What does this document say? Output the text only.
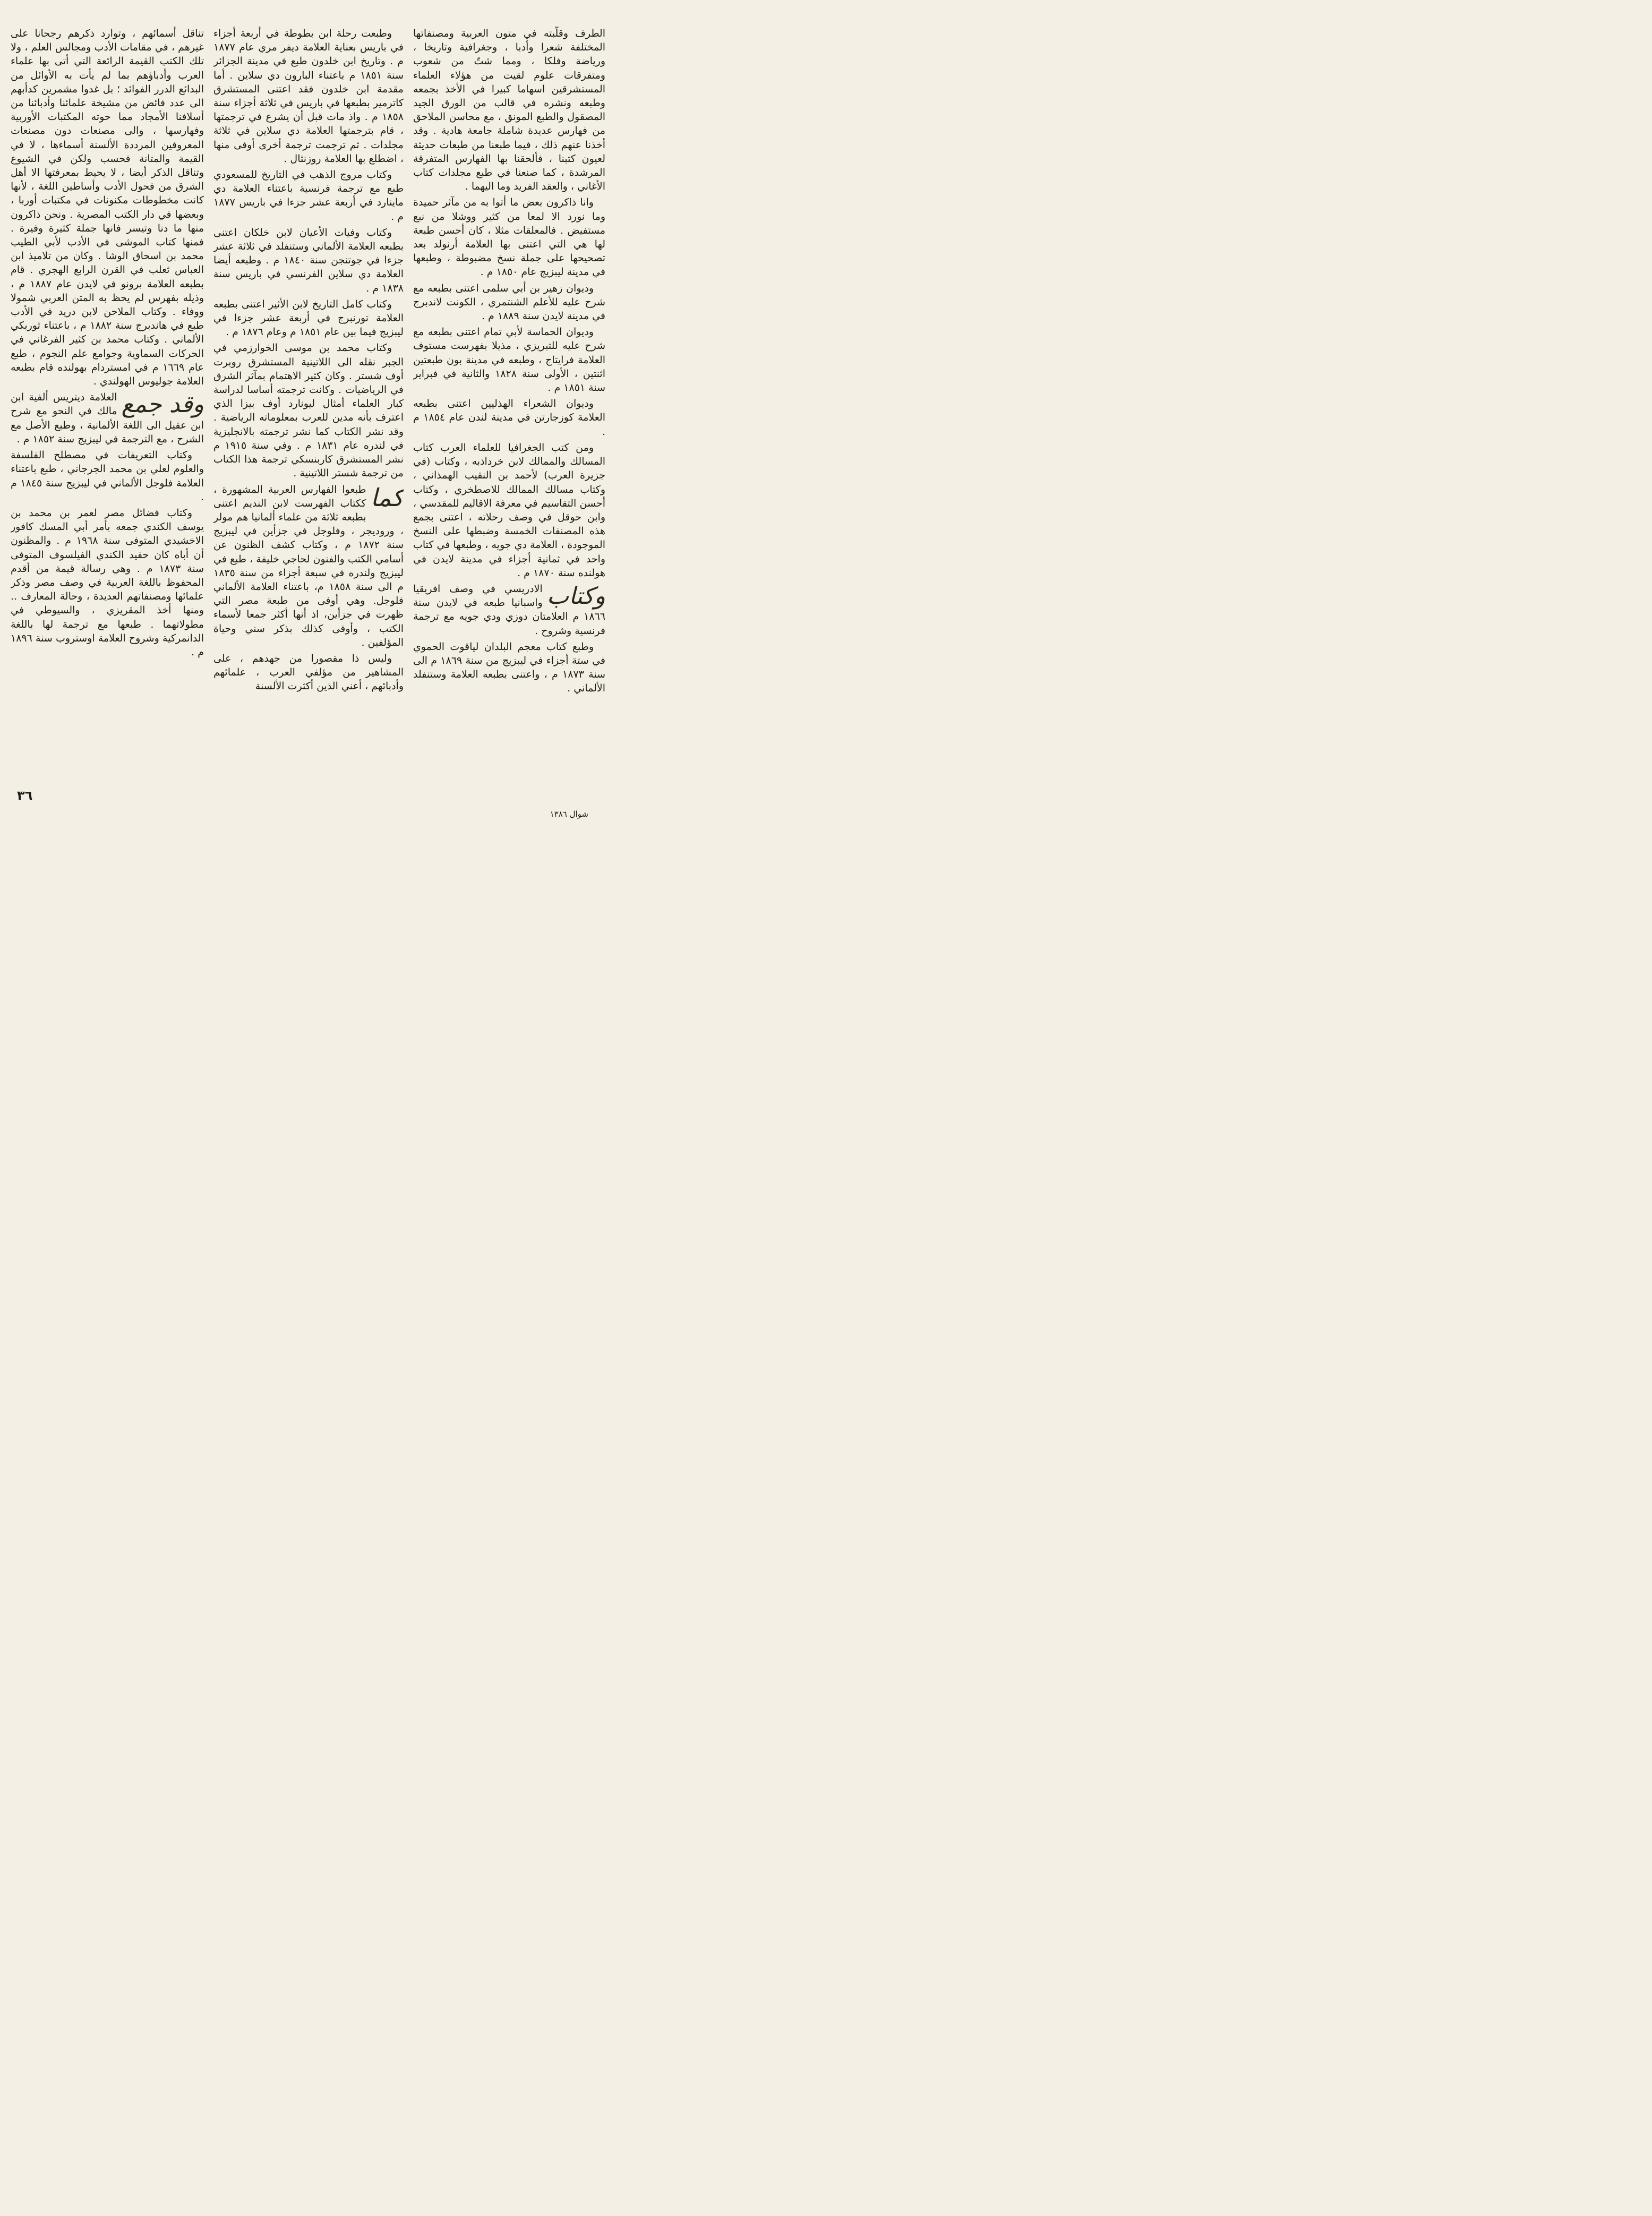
الطرف وقلّبته في متون العربية ومصنفاتها المختلفة شعرا وأدبا ، وجغرافية وتاريخا ، ورياضة وفلكا ، ومما شتّ من شعوب ومتفرقات علوم لقيت من هؤلاء العلماء المستشرقين اسهاما كبيرا في الأخذ بجمعه وطبعه ونشره في قالب من الورق الجيد المصقول والطبع المونق ، مع محاسن الملاحق من فهارس عديدة شاملة جامعة هادية . وقد أخذنا عنهم ذلك ، فيما طبعنا من طبعات حديثة لعيون كتبنا ، فألحقنا بها الفهارس المتفرقة المرشدة ، كما صنعنا في طبع مجلدات كتاب الأغاني ، والعقد الفريد وما اليهما .

وانا ذاكرون بعض ما أتوا به من مآثر حميدة وما نورد الا لمعا من كثير ووشلا من نبع مستفيض . فالمعلقات مثلا ، كان أحسن طبعة لها هي التي اعتنى بها العلامة أرنولد بعد تصحيحها على جملة نسخ مضبوطة ، وطبعها في مدينة ليبزيج عام ١٨٥٠ م .

وديوان زهير بن أبي سلمى اعتنى بطبعه مع شرح عليه للأعلم الشنتمري ، الكونت لاندبرج في مدينة لايدن سنة ١٨٨٩ م .

وديوان الحماسة لأبي تمام اعتنى بطبعه مع شرح عليه للتبريزي ، مذيلا بفهرست مستوف العلامة فرايتاج ، وطبعه في مدينة بون طبعتين اثنتين ، الأولى سنة ١٨٢٨ والثانية في فبراير سنة ١٨٥١ م .

وديوان الشعراء الهذليين اعتنى بطبعه العلامة كوزجارتن في مدينة لندن عام ١٨٥٤ م .

ومن كتب الجغرافيا للعلماء العرب كتاب المسالك والممالك لابن خرداذبه ، وكتاب (في جزيرة العرب) لأحمد بن النقيب الهمذاني ، وكتاب مسالك الممالك للاصطخري ، وكتاب أحسن التقاسيم في معرفة الاقاليم للمقدسي ، وابن حوقل في وصف رحلاته ، اعتنى بجمع هذه المصنفات الخمسة وضبطها على النسخ الموجودة ، العلامة دي جويه ، وطبعها في كتاب واحد في ثمانية أجزاء في مدينة لايدن في هولنده سنة ١٨٧٠ م .

وكتاب
الادريسي في وصف افريقيا واسبانيا طبعه في لايدن سنة ١٨٦٦ م العلامتان دوزي ودي جويه مع ترجمة فرنسية وشروح .

وطبع كتاب معجم البلدان لياقوت الحموي في ستة أجزاء في ليبزيج من سنة ١٨٦٩ م الى سنة ١٨٧٣ م ، واعتنى بطبعه العلامة وستنفلد الألماني .

وطبعت رحلة ابن بطوطة في أربعة أجزاء في باريس بعناية العلامة ديفر مري عام ١٨٧٧ م . وتاريخ ابن خلدون طبع في مدينة الجزائر سنة ١٨٥١ م باعتناء البارون دي سلاين . أما مقدمة ابن خلدون فقد اعتنى المستشرق كاترمير بطبعها في باريس في ثلاثة أجزاء سنة ١٨٥٨ م . واذ مات قبل أن يشرع في ترجمتها ، قام بترجمتها العلامة دي سلاين في ثلاثة مجلدات . ثم ترجمت ترجمة أخرى أوفى منها ، اضطلع بها العلامة روزنثال .

وكتاب مروج الذهب في التاريخ للمسعودي طبع مع ترجمة فرنسية باعتناء العلامة دي ماينارد في أربعة عشر جزءا في باريس ١٨٧٧ م .

وكتاب وفيات الأعيان لابن خلكان اعتنى بطبعه العلامة الألماني وستنفلد في ثلاثة عشر جزءا في جوتنجن سنة ١٨٤٠ م . وطبعه أيضا العلامة دي سلاين الفرنسي في باريس سنة ١٨٣٨ م .

وكتاب كامل التاريخ لابن الأثير اعتنى بطبعه العلامة تورنبرج في أربعة عشر جزءا في ليبزيج فيما بين عام ١٨٥١ م وعام ١٨٧٦ م .

وكتاب محمد بن موسى الخوارزمي في الجبر نقله الى اللاتينية المستشرق روبرت أوف شستر . وكان كثير الاهتمام بمآثر الشرق في الرياضيات . وكانت ترجمته أساسا لدراسة كبار العلماء أمثال ليونارد أوف بيزا الذي اعترف بأنه مدين للعرب بمعلوماته الرياضية . وقد نشر الكتاب كما نشر ترجمته بالانجليزية في لندره عام ١٨٣١ م . وفي سنة ١٩١٥ م نشر المستشرق كاربنسكي ترجمة هذا الكتاب من ترجمة شستر اللاتينية .

كما
طبعوا الفهارس العربية المشهورة ، ككتاب الفهرست لابن النديم اعتنى بطبعه ثلاثة من علماء ألمانيا هم مولر ، وروديجر ، وفلوجل في جزأين في ليبزيج سنة ١٨٧٢ م ، وكتاب كشف الظنون عن أسامي الكتب والفنون لحاجي خليفة ، طبع في ليبزيج ولندره في سبعة أجزاء من سنة ١٨٣٥ م الى سنة ١٨٥٨ م، باعتناء العلامة الألماني فلوجل. وهي أوفى من طبعة مصر التي ظهرت في جزأين، اذ أنها أكثر جمعا لأسماء الكتب ، وأوفى كذلك بذكر سني وحياة المؤلفين .

وليس ذا مقصورا من جهدهم ، على المشاهير من مؤلفي العرب ، علمائهم وأدبائهم ، أعني الذين أكثرت الألسنة

تناقل أسمائهم ، وتوارد ذكرهم رجحانا على غيرهم ، في مقامات الأدب ومجالس العلم ، ولا تلك الكتب القيمة الرائعة التي أتى بها علماء العرب وأدباؤهم بما لم يأت به الأوائل من البدائع الدرر الفوائد ؛ بل غدوا مشمرين كدأبهم الى عدد فائض من مشيخة علمائنا وأدبائنا من أسلافنا الأمجاد مما حوته المكتبات الأوربية وفهارسها ، والى مصنعات دون مصنعات المعروفين المرددة الألسنة أسماءها ، لا في القيمة والمتانة فحسب ولكن في الشيوع وتناقل الذكر أيضا ، لا يحيط بمعرفتها الا أهل الشرق من فحول الأدب وأساطين اللغة ، لأنها كانت مخطوطات مكنونات في مكتبات أوربا ، وبعضها في دار الكتب المصرية . ونحن ذاكرون منها ما دنا وتيسر فانها جملة كثيرة وفيرة . فمنها كتاب الموشى في الأدب لأبي الطيب محمد بن اسحاق الوشا . وكان من تلاميذ ابن العباس ثعلب في القرن الرابع الهجري . قام بطبعه العلامة برونو في لايدن عام ١٨٨٧ م ، وذيله بفهرس لم يحظ به المتن العربي شمولا ووفاء . وكتاب الملاحن لابن دريد في الأدب طبع في هاندبرج سنة ١٨٨٢ م ، باعتناء ثوربكي الألماني . وكتاب محمد بن كثير الفرغاني في الحركات السماوية وجوامع علم النجوم ، طبع عام ١٦٦٩ م في امستردام بهولنده قام بطبعه العلامة جوليوس الهولندي .

وقد جمع
العلامة ديتريس ألفية ابن مالك في النحو مع شرح ابن عقيل الى اللغة الألمانية ، وطبع الأصل مع الشرح ، مع الترجمة في ليبزيج سنة ١٨٥٢ م .

وكتاب التعريفات في مصطلح الفلسفة والعلوم لعلي بن محمد الجرجاني ، طبع باعتناء العلامة فلوجل الألماني في ليبزيج سنة ١٨٤٥ م .

وكتاب فضائل مصر لعمر بن محمد بن يوسف الكندي جمعه بأمر أبي المسك كافور الاخشيدي المتوفى سنة ١٩٦٨ م . والمظنون أن أباه كان حفيد الكندي الفيلسوف المتوفى سنة ١٨٧٣ م . وهي رسالة قيمة من أقدم المحفوظ باللغة العربية في وصف مصر وذكر علمائها ومصنفاتهم العديدة ، وحالة المعارف .. ومنها أخذ المقريزي ، والسيوطي في مطولاتهما . طبعها مع ترجمة لها باللغة الدانمركية وشروح العلامة اوستروب سنة ١٨٩٦ م .

٣٦
شوال ١٣٨٦
